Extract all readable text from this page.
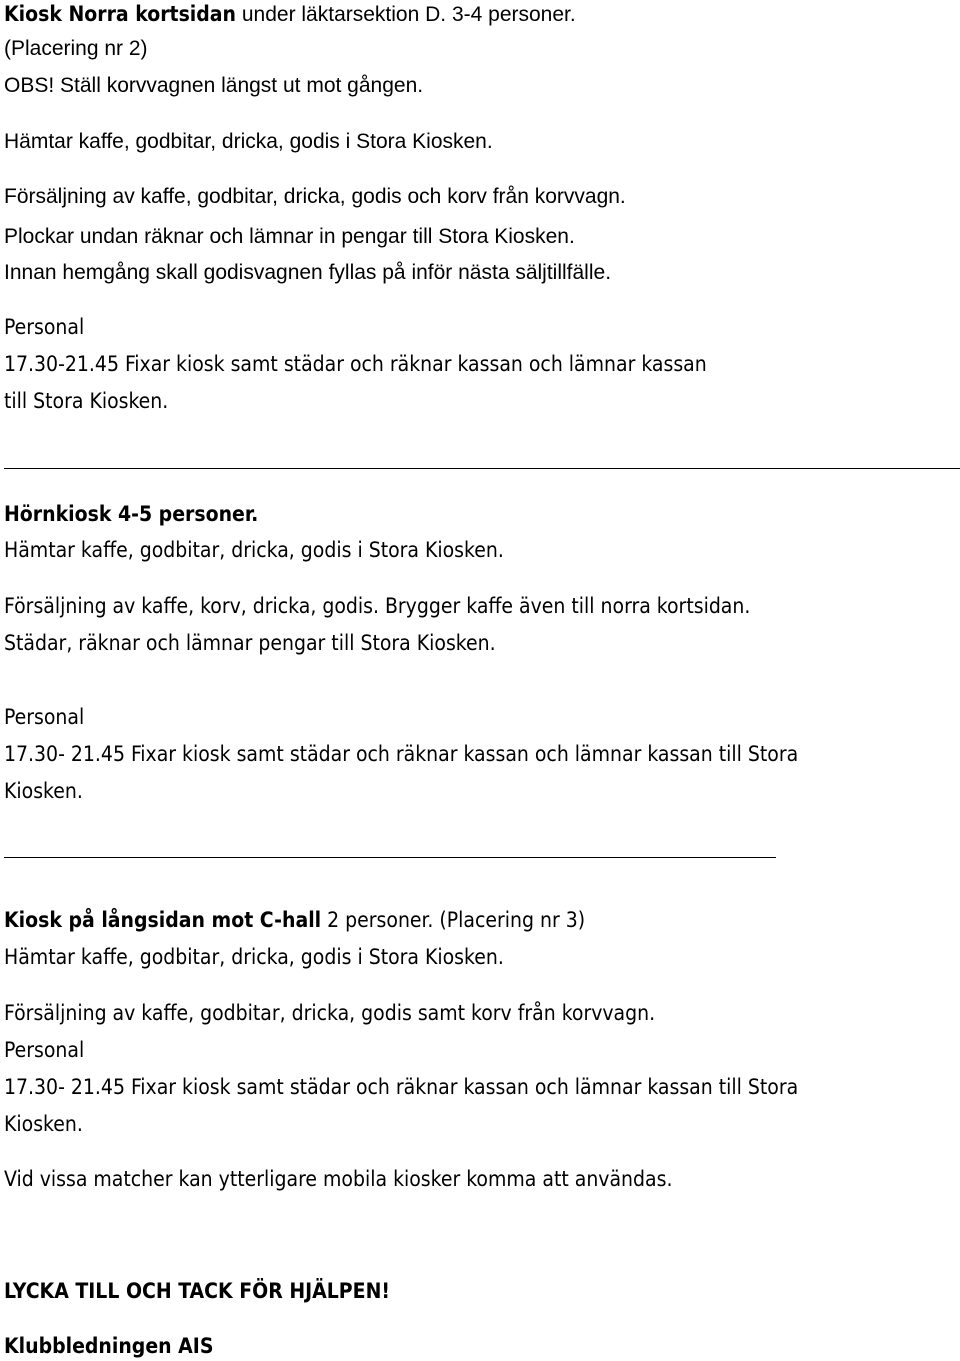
Kiosk Norra kortsidan under läktarsektion D. 3-4 personer.
(Placering nr 2)
OBS! Ställ korvvagnen längst ut mot gången.
Hämtar kaffe, godbitar, dricka, godis i Stora Kiosken.
Försäljning av kaffe, godbitar, dricka, godis och korv från korvvagn.
Plockar undan räknar och lämnar in pengar till Stora Kiosken.
Innan hemgång skall godisvagnen fyllas på inför nästa säljtillfälle.
Personal
17.30-21.45 Fixar kiosk samt städar och räknar kassan och lämnar kassan
till Stora Kiosken.
Hörnkiosk 4-5 personer.
Hämtar kaffe, godbitar, dricka, godis i Stora Kiosken.
Försäljning av kaffe, korv, dricka, godis. Brygger kaffe även till norra kortsidan.
Städar, räknar och lämnar pengar till Stora Kiosken.
Personal
17.30- 21.45 Fixar kiosk samt städar och räknar kassan och lämnar kassan till Stora
Kiosken.
Kiosk på långsidan mot C-hall 2 personer. (Placering nr 3)
Hämtar kaffe, godbitar, dricka, godis i Stora Kiosken.
Försäljning av kaffe, godbitar, dricka, godis samt korv från korvvagn.
Personal
17.30- 21.45 Fixar kiosk samt städar och räknar kassan och lämnar kassan till Stora
Kiosken.
Vid vissa matcher kan ytterligare mobila kiosker komma att användas.
LYCKA TILL OCH TACK FÖR HJÄLPEN!
Klubbledningen AIS
